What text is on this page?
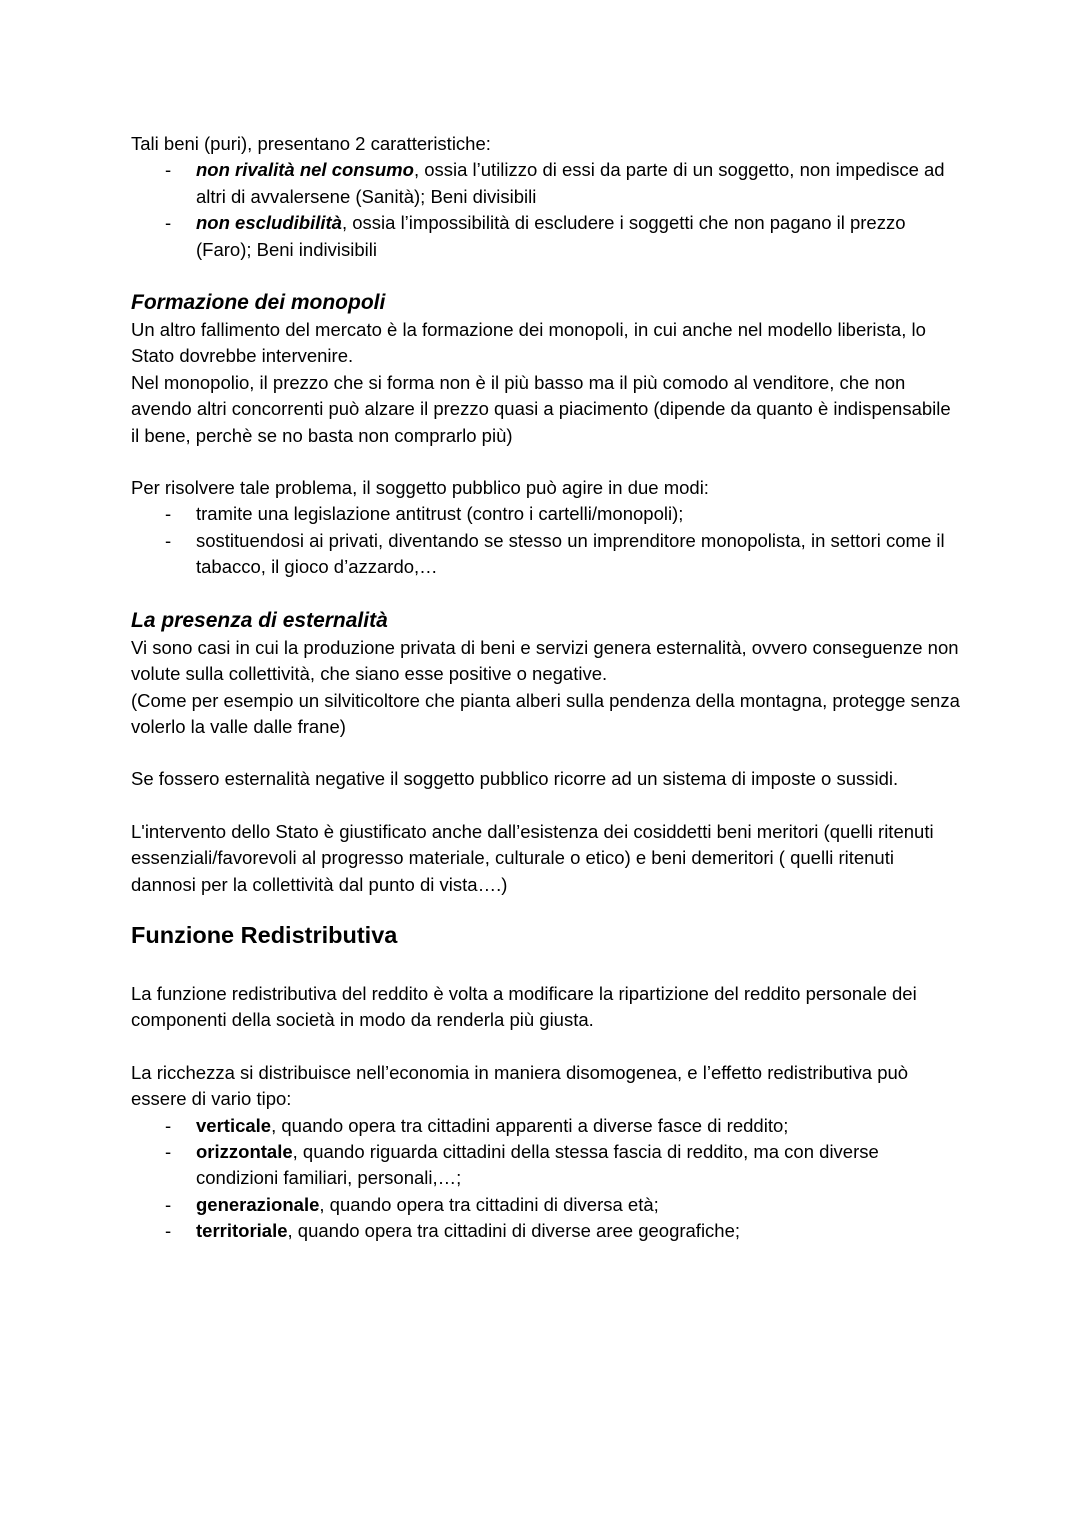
Tali beni (puri), presentano 2 caratteristiche:

- non rivalità nel consumo, ossia l’utilizzo di essi da parte di un soggetto, non impedisce ad altri di avvalersene (Sanità); Beni divisibili
- non escludibilità, ossia l’impossibilità di escludere i soggetti che non pagano il prezzo (Faro); Beni indivisibili
Formazione dei monopoli

Un altro fallimento del mercato è la formazione dei monopoli, in cui anche nel modello liberista, lo Stato dovrebbe intervenire.

Nel monopolio, il prezzo che si forma non è il più basso ma il più comodo al venditore, che non avendo altri concorrenti può alzare il prezzo quasi a piacimento (dipende da quanto è indispensabile il bene, perchè se no basta non comprarlo più)

Per risolvere tale problema, il soggetto pubblico può agire in due modi:

- tramite una legislazione antitrust (contro i cartelli/monopoli);
- sostituendosi ai privati, diventando se stesso un imprenditore monopolista, in settori come il tabacco, il gioco d’azzardo,…
La presenza di esternalità

Vi sono casi in cui la produzione privata di beni e servizi genera esternalità, ovvero conseguenze non volute sulla collettività, che siano esse positive o negative.

(Come per esempio un silviticoltore che pianta alberi sulla pendenza della montagna, protegge senza volerlo la valle dalle frane)

Se fossero esternalità negative il soggetto pubblico ricorre ad un sistema di imposte o sussidi.

L'intervento dello Stato è giustificato anche dall’esistenza dei cosiddetti beni meritori (quelli ritenuti essenziali/favorevoli al progresso materiale, culturale o etico) e beni demeritori ( quelli ritenuti dannosi per la collettività dal punto di vista….)

Funzione Redistributiva

La funzione redistributiva del reddito è volta a modificare la ripartizione del reddito personale dei componenti della società in modo da renderla più giusta.

La ricchezza si distribuisce nell’economia in maniera disomogenea, e l’effetto redistributiva può essere di vario tipo:

- verticale, quando opera tra cittadini apparenti a diverse fasce di reddito;
- orizzontale, quando riguarda cittadini della stessa fascia di reddito, ma con diverse condizioni familiari, personali,…;
- generazionale, quando opera tra cittadini di diversa età;
- territoriale, quando opera tra cittadini di diverse aree geografiche;
